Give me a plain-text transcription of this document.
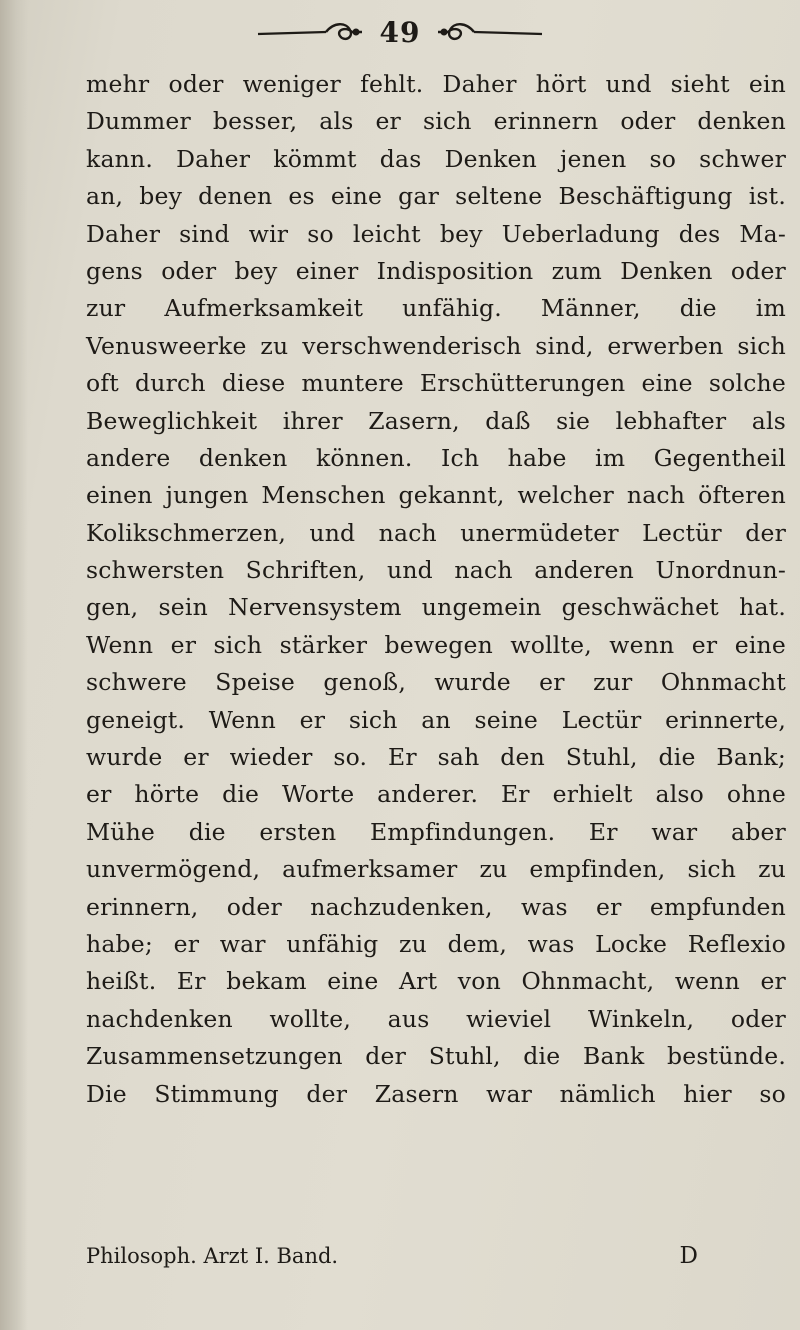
49
mehr oder weniger fehlt. Daher hört und sieht ein
Dummer besser, als er sich erinnern oder denken
kann. Daher kömmt das Denken jenen so schwer
an, bey denen es eine gar seltene Beschäftigung ist.
Daher sind wir so leicht bey Ueberladung des Ma-
gens oder bey einer Indisposition zum Denken oder
zur Aufmerksamkeit unfähig. Männer, die im
Venusweerke zu verschwenderisch sind, erwerben sich
oft durch diese muntere Erschütterungen eine solche
Beweglichkeit ihrer Zasern, daß sie lebhafter als
andere denken können. Ich habe im Gegentheil
einen jungen Menschen gekannt, welcher nach öfteren
Kolikschmerzen, und nach unermüdeter Lectür der
schwersten Schriften, und nach anderen Unordnun-
gen, sein Nervensystem ungemein geschwächet hat.
Wenn er sich stärker bewegen wollte, wenn er eine
schwere Speise genoß, wurde er zur Ohnmacht
geneigt. Wenn er sich an seine Lectür erinnerte,
wurde er wieder so. Er sah den Stuhl, die Bank;
er hörte die Worte anderer. Er erhielt also ohne
Mühe die ersten Empfindungen. Er war aber
unvermögend, aufmerksamer zu empfinden, sich zu
erinnern, oder nachzudenken, was er empfunden
habe; er war unfähig zu dem, was Locke Reflexio
heißt. Er bekam eine Art von Ohnmacht, wenn er
nachdenken wollte, aus wieviel Winkeln, oder
Zusammensetzungen der Stuhl, die Bank bestünde.
Die Stimmung der Zasern war nämlich hier so
Philosoph. Arzt I. Band.	D
